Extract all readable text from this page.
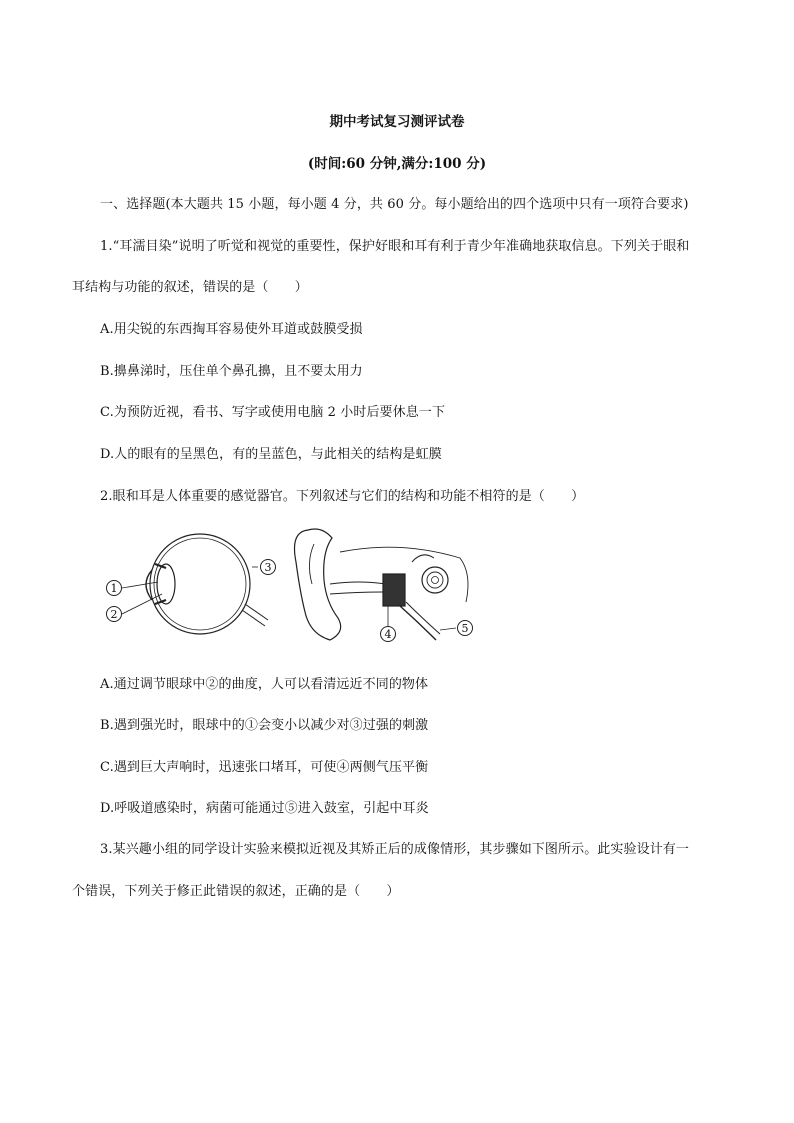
期中考试复习测评试卷
(时间:60 分钟,满分:100 分)
一、选择题(本大题共 15 小题，每小题 4 分，共 60 分。每小题给出的四个选项中只有一项符合要求)
1.“耳濡目染”说明了听觉和视觉的重要性，保护好眼和耳有利于青少年准确地获取信息。下列关于眼和
耳结构与功能的叙述，错误的是（　　）
A.用尖锐的东西掏耳容易使外耳道或鼓膜受损
B.擤鼻涕时，压住单个鼻孔擤，且不要太用力
C.为预防近视，看书、写字或使用电脑 2 小时后要休息一下
D.人的眼有的呈黑色，有的呈蓝色，与此相关的结构是虹膜
2.眼和耳是人体重要的感觉器官。下列叙述与它们的结构和功能不相符的是（　　）
1
2
3
4	5
A.通过调节眼球中②的曲度，人可以看清远近不同的物体
B.遇到强光时，眼球中的①会变小以减少对③过强的刺激
C.遇到巨大声响时，迅速张口堵耳，可使④两侧气压平衡
D.呼吸道感染时，病菌可能通过⑤进入鼓室，引起中耳炎
3.某兴趣小组的同学设计实验来模拟近视及其矫正后的成像情形，其步骤如下图所示。此实验设计有一
个错误，下列关于修正此错误的叙述，正确的是（　　）
